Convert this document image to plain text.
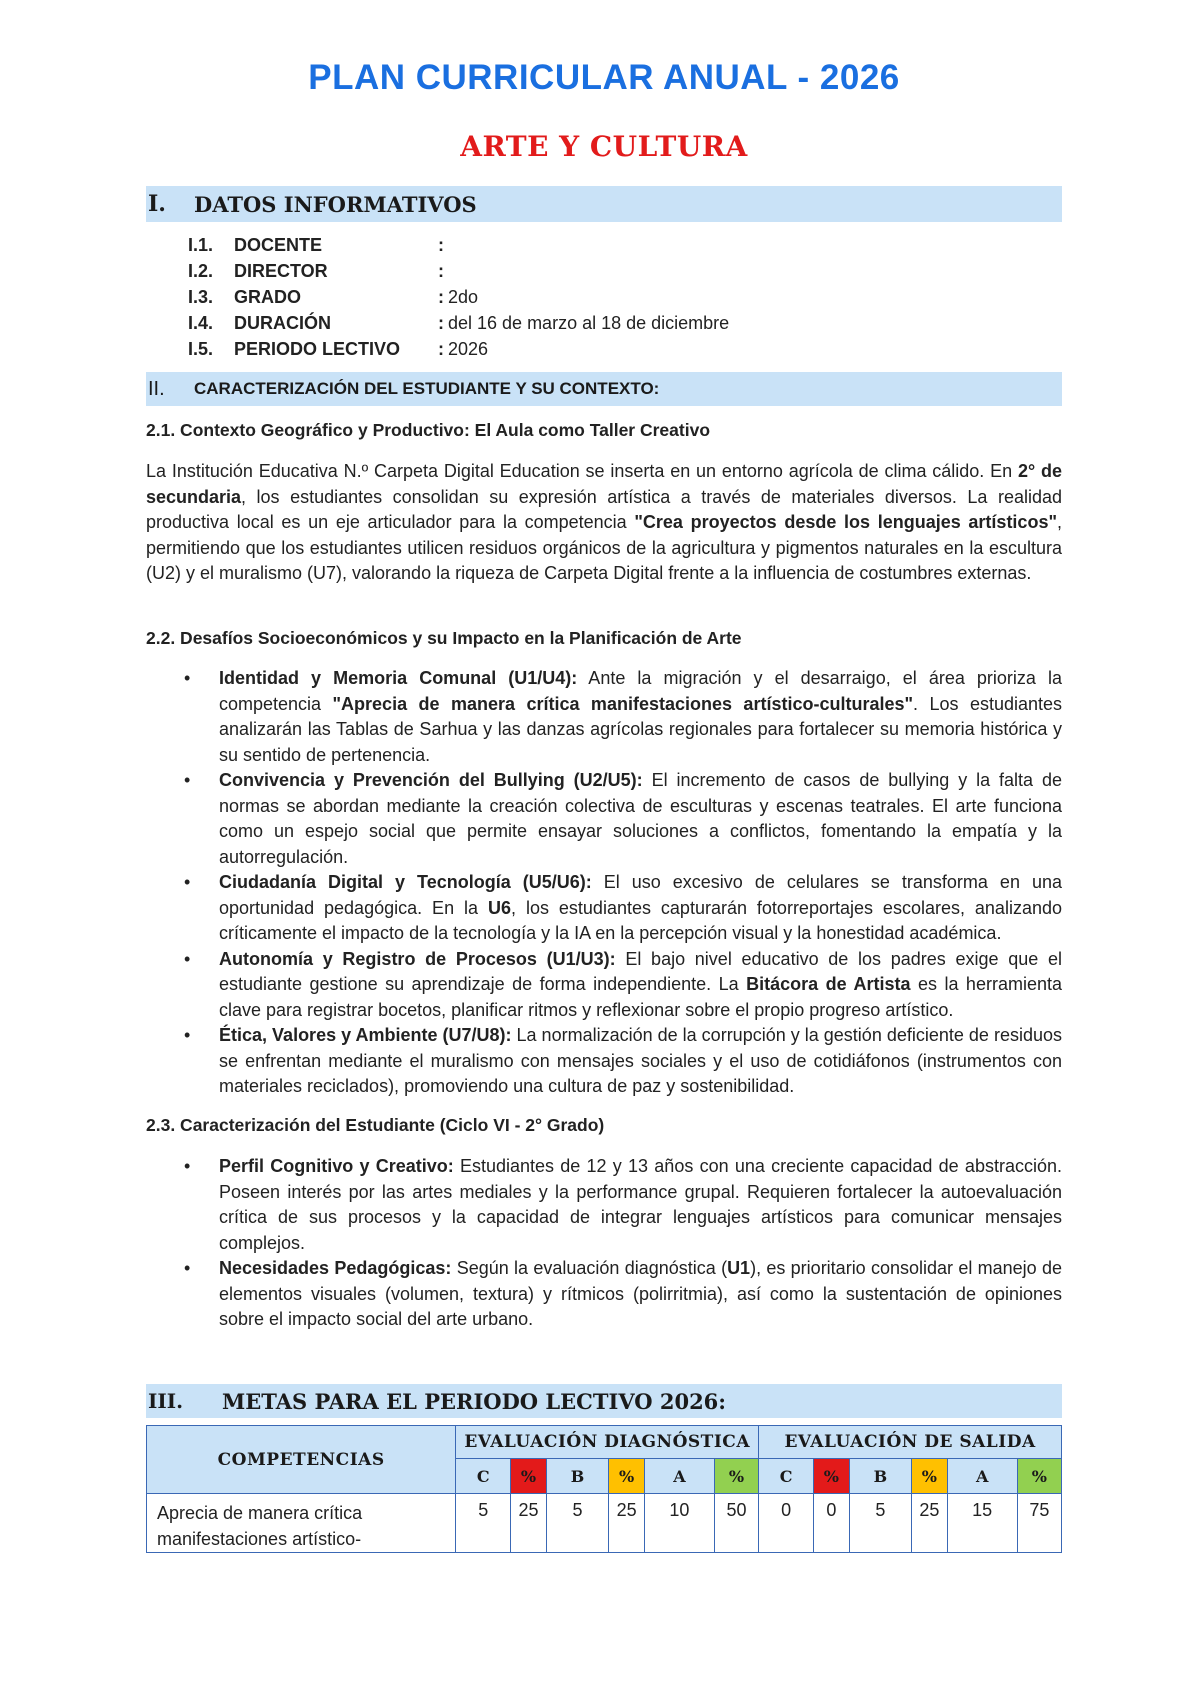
PLAN CURRICULAR ANUAL - 2026
ARTE Y CULTURA
I.	DATOS INFORMATIVOS
I.1.	DOCENTE	:
I.2.	DIRECTOR	:
I.3.	GRADO	: 2do
I.4.	DURACIÓN	: del 16 de marzo al 18 de diciembre
I.5.	PERIODO LECTIVO	: 2026
II.	CARACTERIZACIÓN DEL ESTUDIANTE Y SU CONTEXTO:
2.1. Contexto Geográfico y Productivo: El Aula como Taller Creativo
La Institución Educativa N.º Carpeta Digital Education se inserta en un entorno agrícola de clima cálido. En 2° de secundaria, los estudiantes consolidan su expresión artística a través de materiales diversos. La realidad productiva local es un eje articulador para la competencia "Crea proyectos desde los lenguajes artísticos", permitiendo que los estudiantes utilicen residuos orgánicos de la agricultura y pigmentos naturales en la escultura (U2) y el muralismo (U7), valorando la riqueza de Carpeta Digital frente a la influencia de costumbres externas.
2.2. Desafíos Socioeconómicos y su Impacto en la Planificación de Arte
• Identidad y Memoria Comunal (U1/U4): Ante la migración y el desarraigo, el área prioriza la competencia "Aprecia de manera crítica manifestaciones artístico-culturales". Los estudiantes analizarán las Tablas de Sarhua y las danzas agrícolas regionales para fortalecer su memoria histórica y su sentido de pertenencia.
• Convivencia y Prevención del Bullying (U2/U5): El incremento de casos de bullying y la falta de normas se abordan mediante la creación colectiva de esculturas y escenas teatrales. El arte funciona como un espejo social que permite ensayar soluciones a conflictos, fomentando la empatía y la autorregulación.
• Ciudadanía Digital y Tecnología (U5/U6): El uso excesivo de celulares se transforma en una oportunidad pedagógica. En la U6, los estudiantes capturarán fotorreportajes escolares, analizando críticamente el impacto de la tecnología y la IA en la percepción visual y la honestidad académica.
• Autonomía y Registro de Procesos (U1/U3): El bajo nivel educativo de los padres exige que el estudiante gestione su aprendizaje de forma independiente. La Bitácora de Artista es la herramienta clave para registrar bocetos, planificar ritmos y reflexionar sobre el propio progreso artístico.
• Ética, Valores y Ambiente (U7/U8): La normalización de la corrupción y la gestión deficiente de residuos se enfrentan mediante el muralismo con mensajes sociales y el uso de cotidiáfonos (instrumentos con materiales reciclados), promoviendo una cultura de paz y sostenibilidad.
2.3. Caracterización del Estudiante (Ciclo VI - 2° Grado)
• Perfil Cognitivo y Creativo: Estudiantes de 12 y 13 años con una creciente capacidad de abstracción. Poseen interés por las artes mediales y la performance grupal. Requieren fortalecer la autoevaluación crítica de sus procesos y la capacidad de integrar lenguajes artísticos para comunicar mensajes complejos.
• Necesidades Pedagógicas: Según la evaluación diagnóstica (U1), es prioritario consolidar el manejo de elementos visuales (volumen, textura) y rítmicos (polirritmia), así como la sustentación de opiniones sobre el impacto social del arte urbano.
III.	METAS PARA EL PERIODO LECTIVO 2026:
COMPETENCIAS	EVALUACIÓN DIAGNÓSTICA						EVALUACIÓN DE SALIDA					
	C	%	B	%	A	%	C	%	B	%	A	%
Aprecia de manera crítica manifestaciones artístico-	5	25	5	25	10	50	0	0	5	25	15	75
